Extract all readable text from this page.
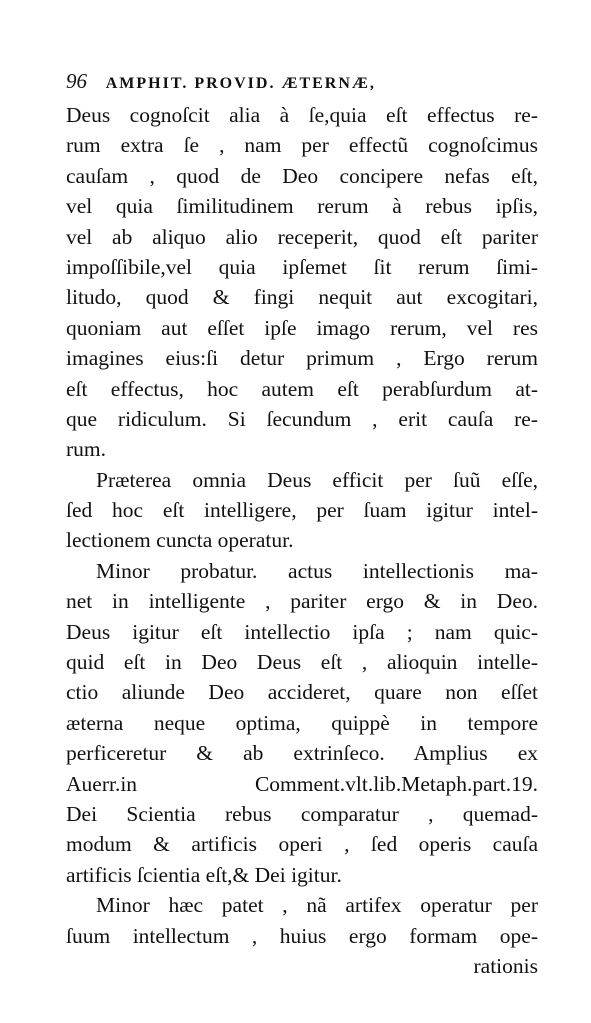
96 AMPHIT. PROVID. ÆTERNÆ,
Deus cognoſcit alia à ſe,quia eſt effectus re-
rum extra ſe , nam per effectũ cognoſcimus
cauſam , quod de Deo concipere nefas eſt,
vel quia ſimilitudinem rerum à rebus ipſis,
vel ab aliquo alio receperit, quod eſt pariter
impoſſibile,vel quia ipſemet ſit rerum ſimi-
litudo, quod & fingi nequit aut excogitari,
quoniam aut eſſet ipſe imago rerum, vel res
imagines eius:ſi detur primum , Ergo rerum
eſt effectus, hoc autem eſt perabſurdum at-
que ridiculum. Si ſecundum , erit cauſa re-
rum.
Præterea omnia Deus efficit per ſuũ eſſe,
ſed hoc eſt intelligere, per ſuam igitur intel-
lectionem cuncta operatur.
Minor probatur. actus intellectionis ma-
net in intelligente , pariter ergo & in Deo.
Deus igitur eſt intellectio ipſa ; nam quic-
quid eſt in Deo Deus eſt , alioquin intelle-
ctio aliunde Deo accideret, quare non eſſet
æterna neque optima, quippè in tempore
perficeretur & ab extrinſeco. Amplius ex
Auerr.in Comment.vlt.lib.Metaph.part.19.
Dei Scientia rebus comparatur , quemad-
modum & artificis operi , ſed operis cauſa
artificis ſcientia eſt,& Dei igitur.
Minor hæc patet , nã artifex operatur per
ſuum intellectum , huius ergo formam ope-
rationis
